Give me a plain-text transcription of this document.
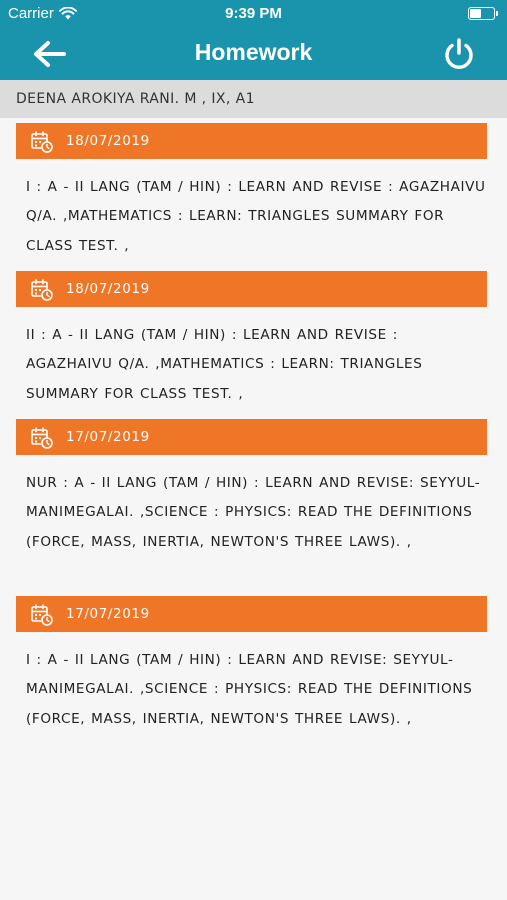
Carrier	9:39 PM
Homework
DEENA AROKIYA RANI. M , IX, A1
18/07/2019
I : A - II LANG (TAM / HIN) : LEARN AND REVISE : AGAZHAIVU Q/A. ,MATHEMATICS : LEARN: TRIANGLES SUMMARY FOR CLASS TEST. ,
18/07/2019
II : A - II LANG (TAM / HIN) : LEARN AND REVISE : AGAZHAIVU Q/A. ,MATHEMATICS : LEARN: TRIANGLES SUMMARY FOR CLASS TEST. ,
17/07/2019
NUR : A - II LANG (TAM / HIN) : LEARN AND REVISE: SEYYUL- MANIMEGALAI. ,SCIENCE : PHYSICS: READ THE DEFINITIONS (FORCE, MASS, INERTIA, NEWTON'S THREE LAWS). ,
17/07/2019
I : A - II LANG (TAM / HIN) : LEARN AND REVISE: SEYYUL-MANIMEGALAI. ,SCIENCE : PHYSICS: READ THE DEFINITIONS (FORCE, MASS, INERTIA, NEWTON'S THREE LAWS). ,
